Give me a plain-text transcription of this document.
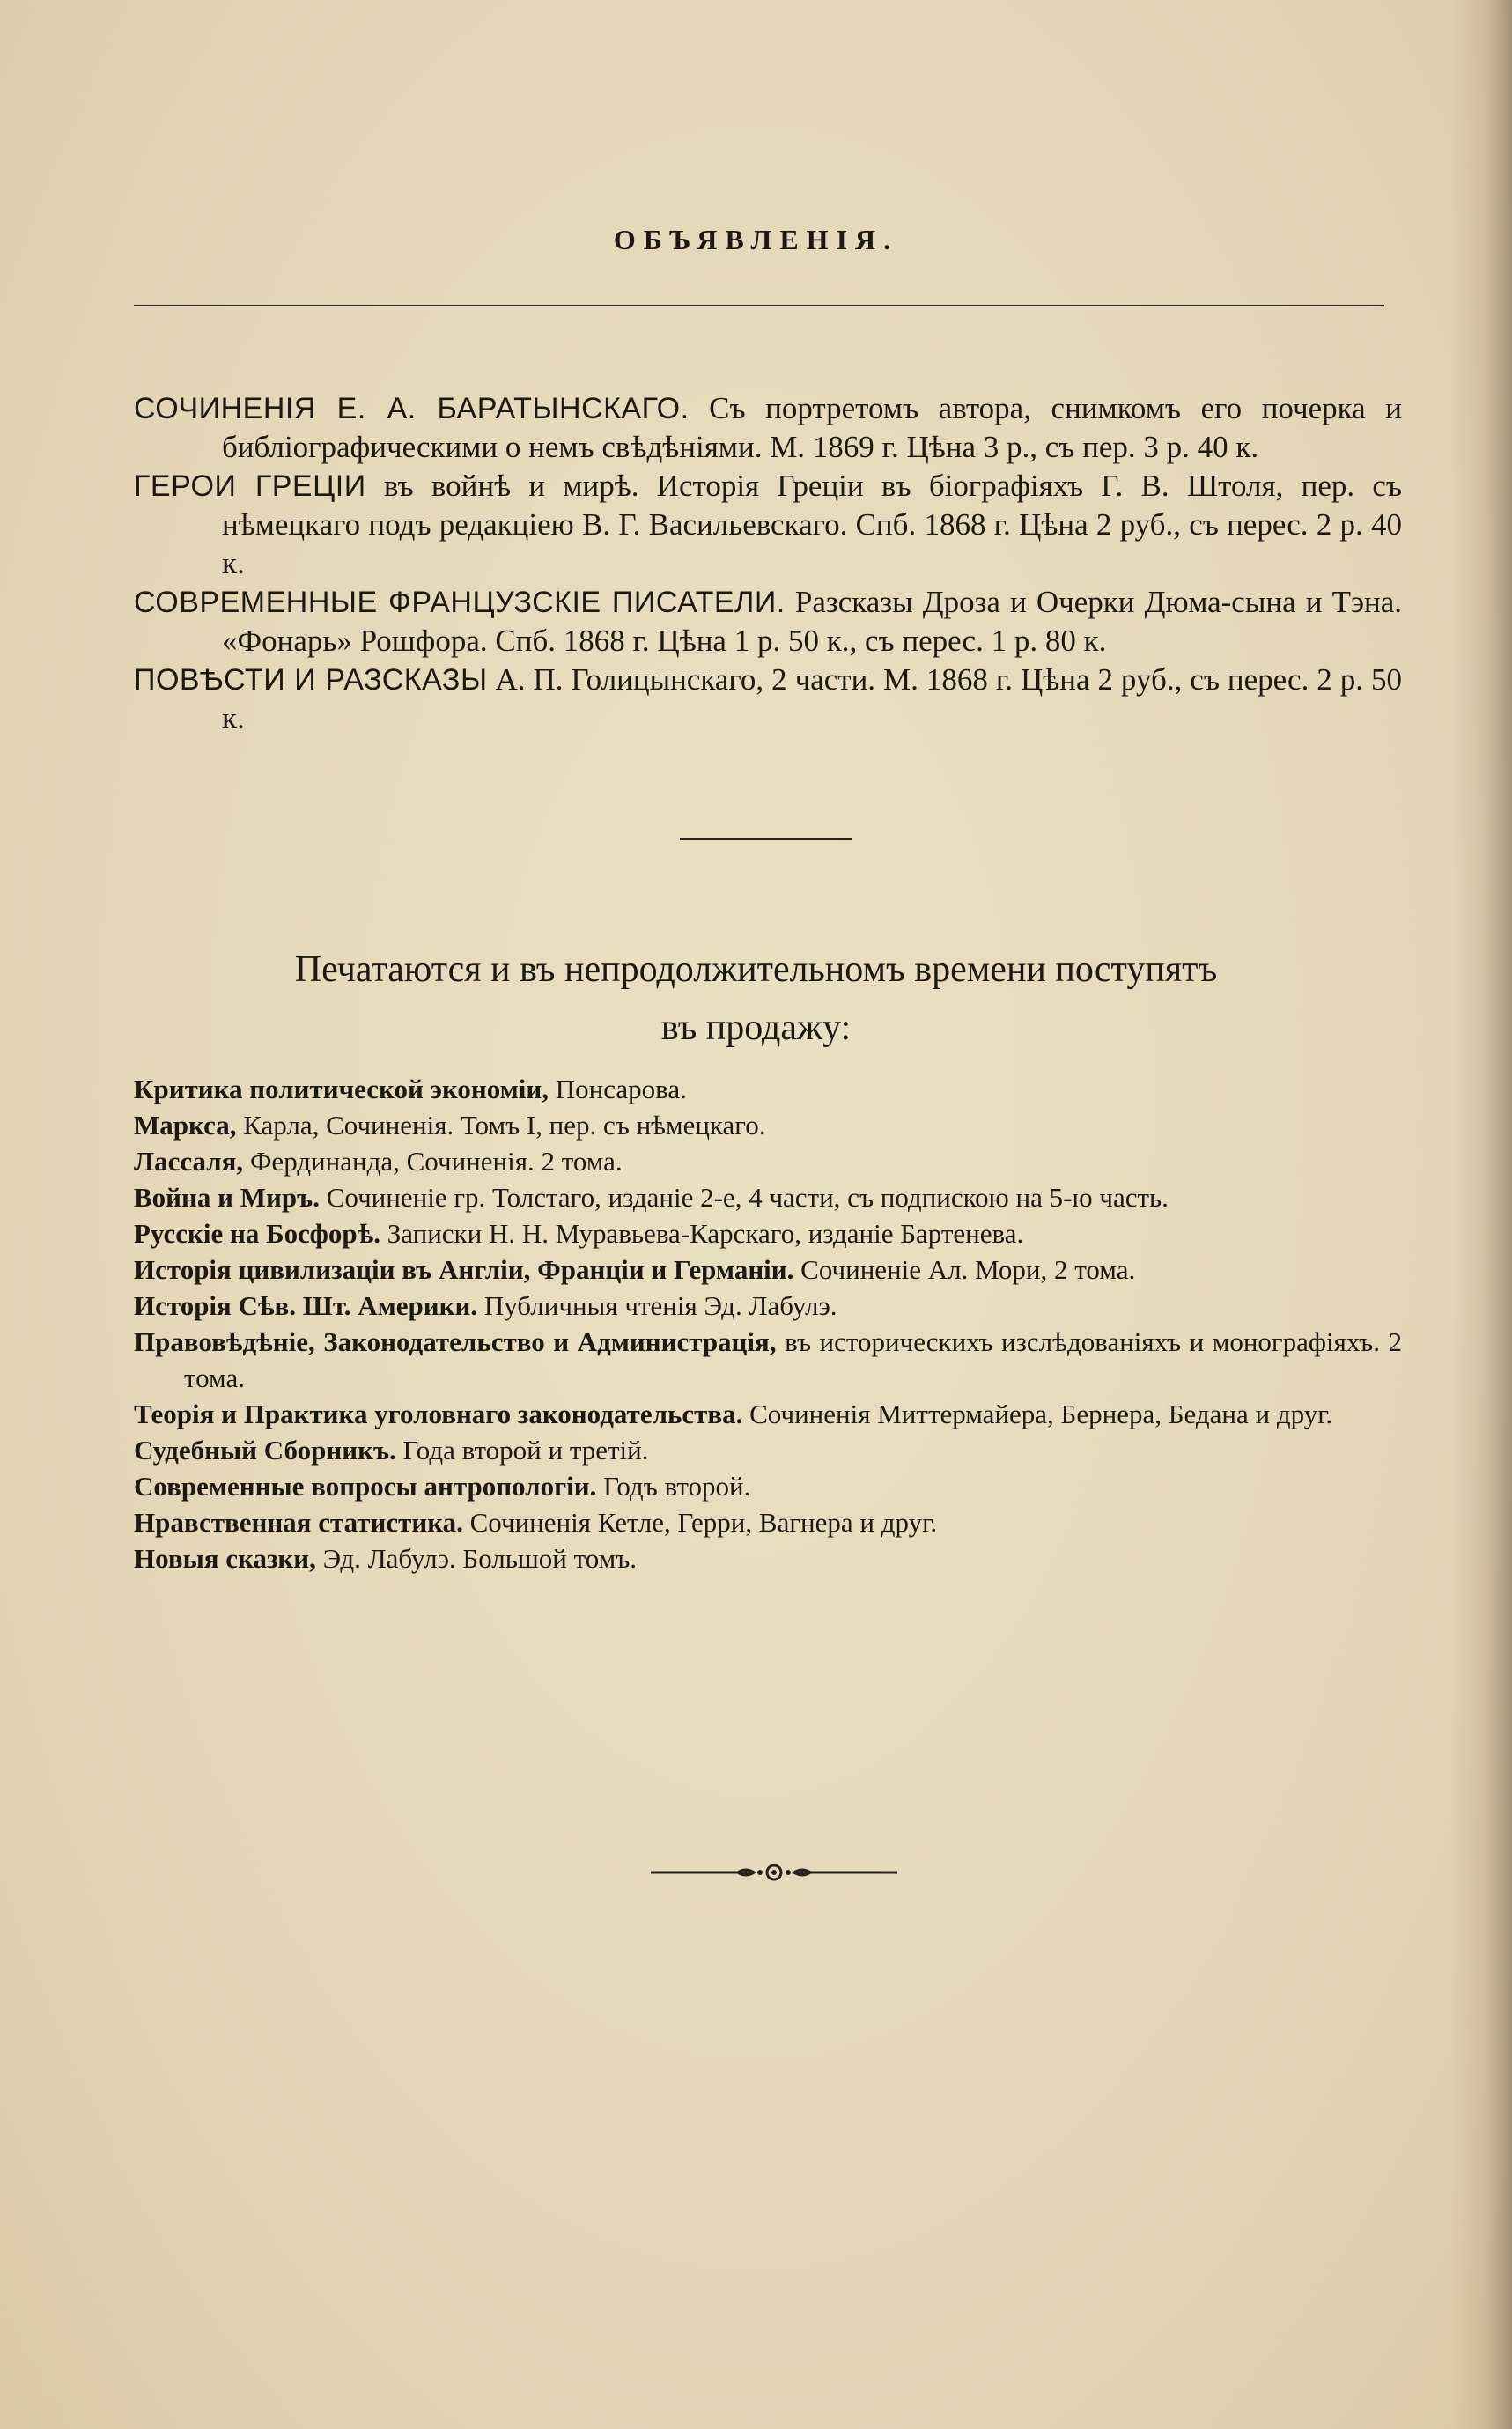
ОБЪЯВЛЕНІЯ.
СОЧИНЕНІЯ Е. А. БАРАТЫНСКАГО. Съ портретомъ автора, снимкомъ его почерка и библіографическими о немъ свѣдѣніями. М. 1869 г. Цѣна 3 р., съ пер. 3 р. 40 к.
ГЕРОИ ГРЕЦІИ въ войнѣ и мирѣ. Исторія Греціи въ біографіяхъ Г. В. Штоля, пер. съ нѣмецкаго подъ редакціею В. Г. Васильевскаго. Спб. 1868 г. Цѣна 2 руб., съ перес. 2 р. 40 к.
СОВРЕМЕННЫЕ ФРАНЦУЗСКІЕ ПИСАТЕЛИ. Разсказы Дроза и Очерки Дюма-сына и Тэна. «Фонарь» Рошфора. Спб. 1868 г. Цѣна 1 р. 50 к., съ перес. 1 р. 80 к.
ПОВѢСТИ И РАЗСКАЗЫ А. П. Голицынскаго, 2 части. М. 1868 г. Цѣна 2 руб., съ перес. 2 р. 50 к.
Печатаются и въ непродолжительномъ времени поступятъ
въ продажу:
Критика политической экономіи, Понсарова.
Маркса, Карла, Сочиненія. Томъ I, пер. съ нѣмецкаго.
Лассаля, Фердинанда, Сочиненія. 2 тома.
Война и Миръ. Сочиненіе гр. Толстаго, изданіе 2-е, 4 части, съ подпискою на 5-ю часть.
Русскіе на Босфорѣ. Записки Н. Н. Муравьева-Карскаго, изданіе Бартенева.
Исторія цивилизаціи въ Англіи, Франціи и Германіи. Сочиненіе Ал. Мори, 2 тома.
Исторія Сѣв. Шт. Америки. Публичныя чтенія Эд. Лабулэ.
Правовѣдѣніе, Законодательство и Администрація, въ историческихъ изслѣдованіяхъ и монографіяхъ. 2 тома.
Теорія и Практика уголовнаго законодательства. Сочиненія Миттермайера, Бернера, Бедана и друг.
Судебный Сборникъ. Года второй и третій.
Современные вопросы антропологіи. Годъ второй.
Нравственная статистика. Сочиненія Кетле, Герри, Вагнера и друг.
Новыя сказки, Эд. Лабулэ. Большой томъ.
